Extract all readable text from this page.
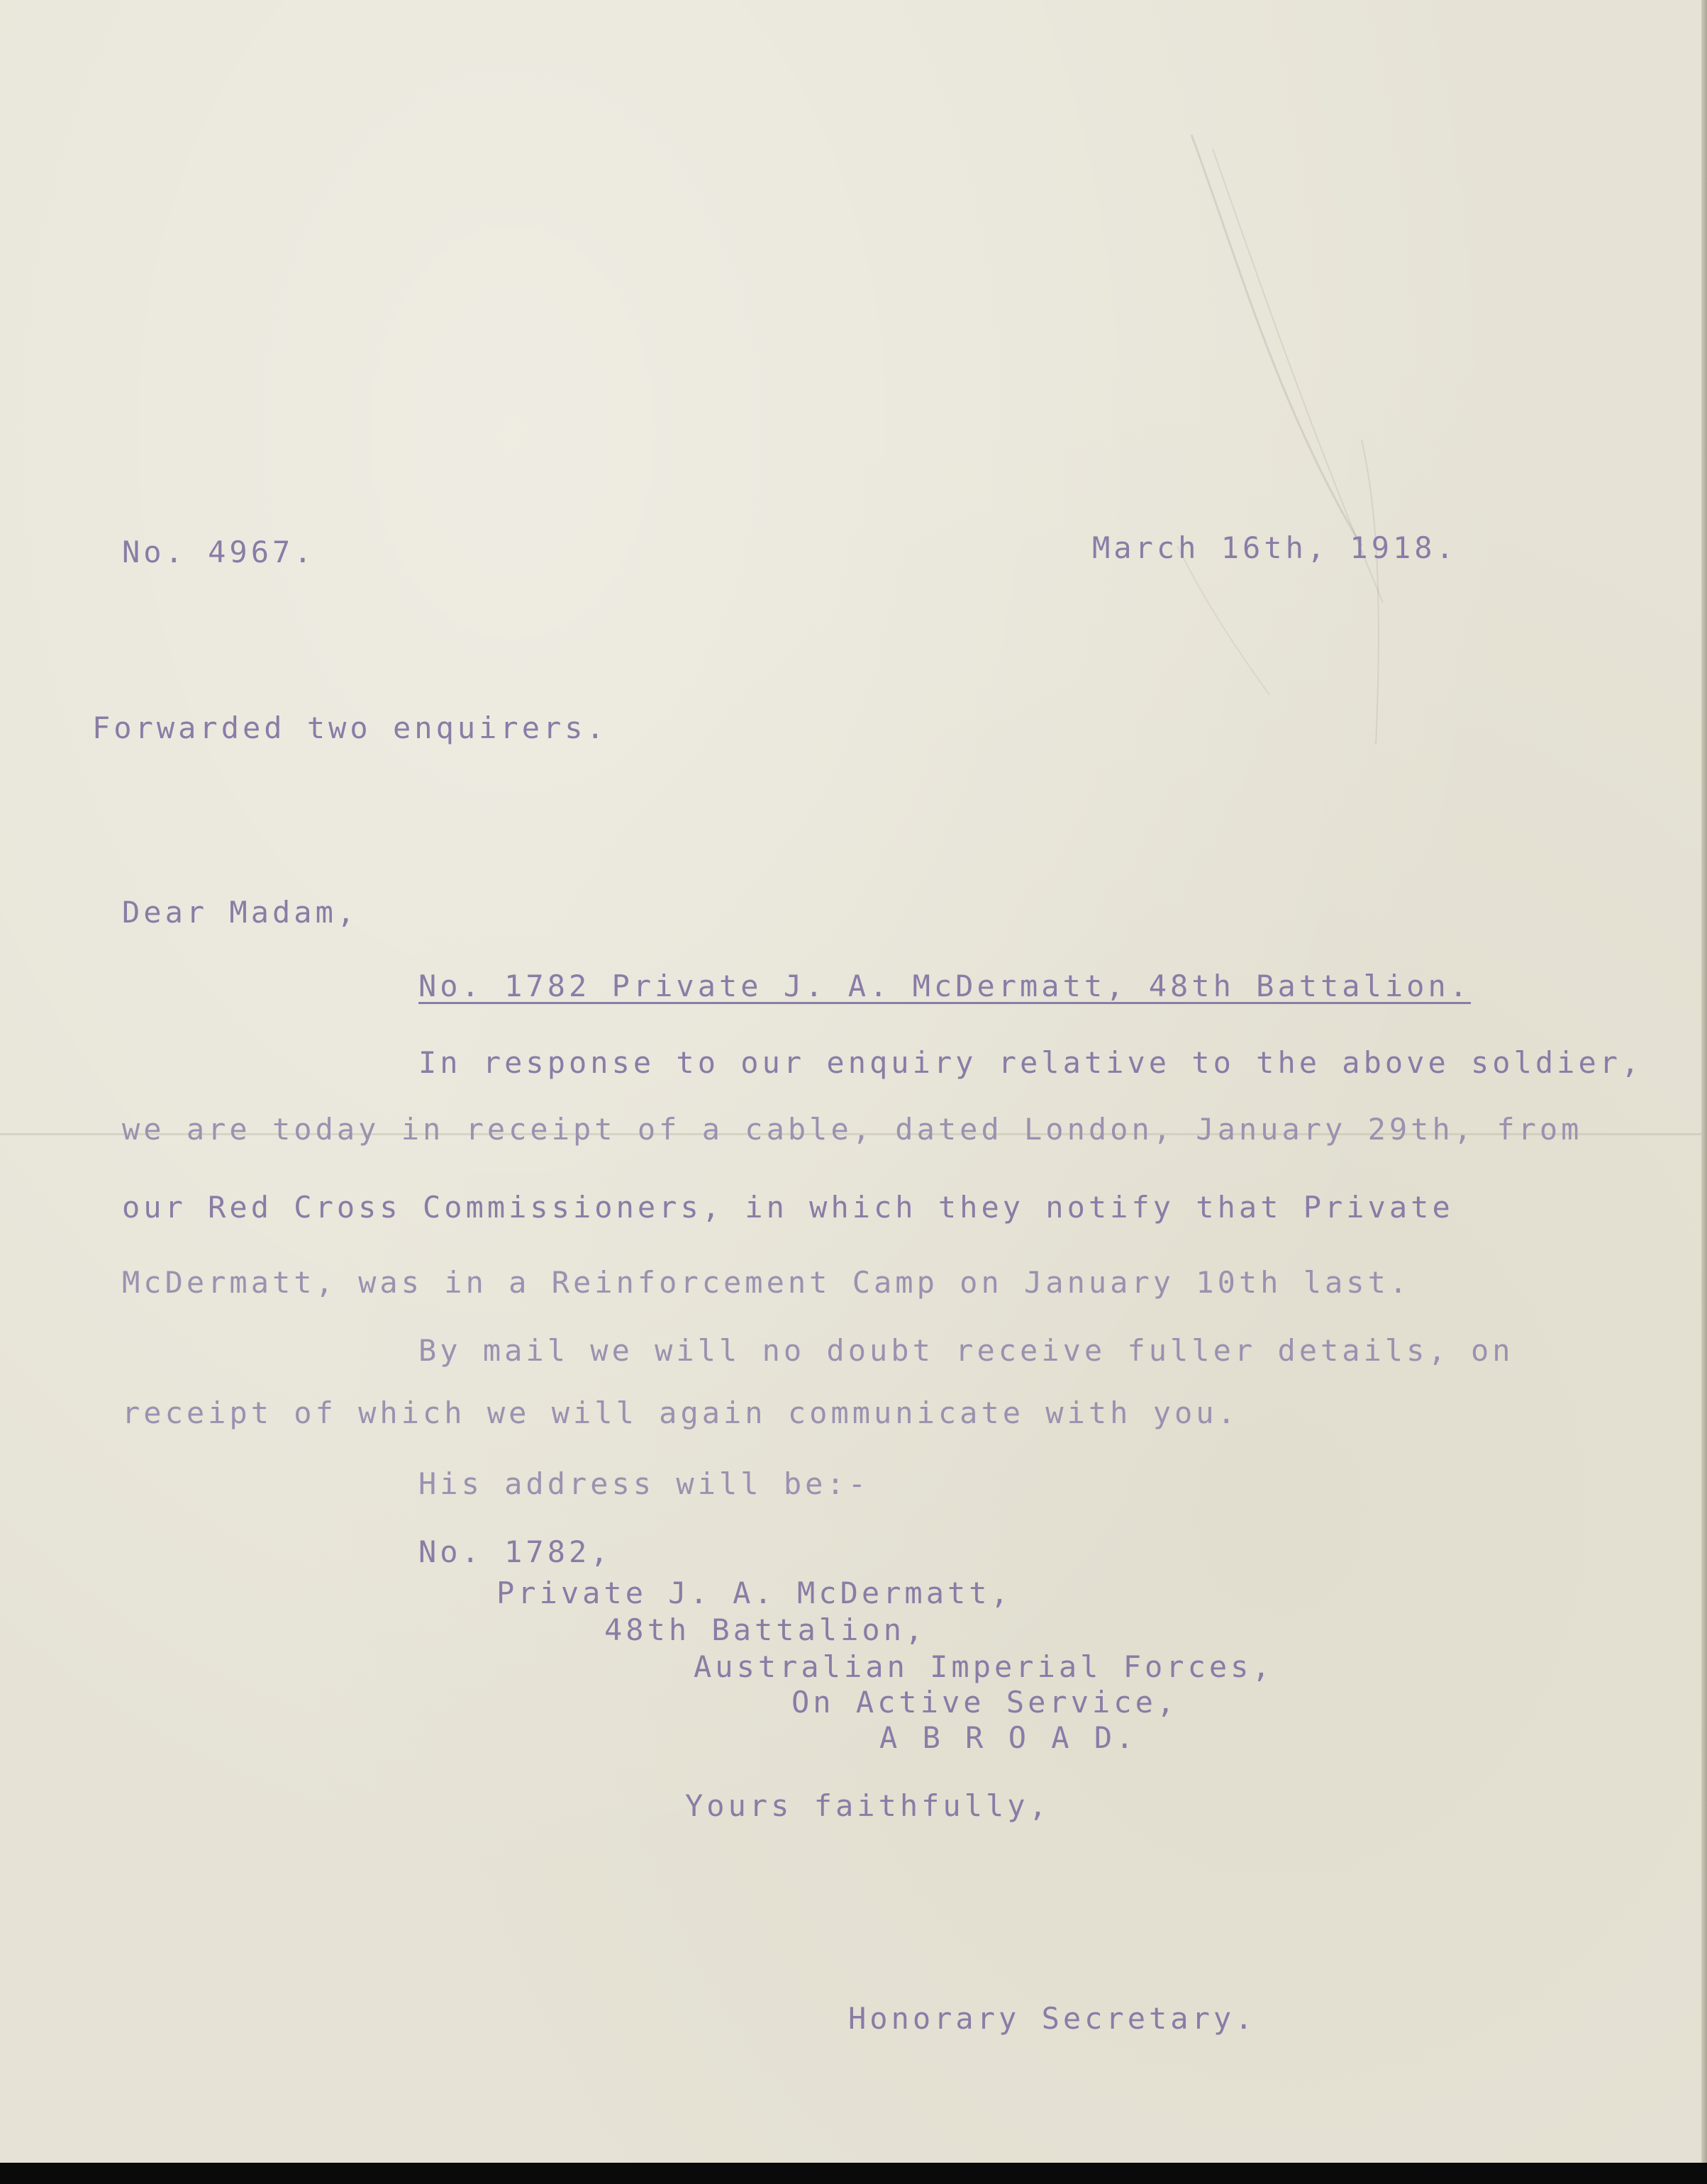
No. 4967.	March 16th, 1918.

Forwarded two enquirers.

Dear Madam,

No. 1782 Private J. A. McDermatt, 48th Battalion.

In response to our enquiry relative to the above soldier,

we are today in receipt of a cable, dated London, January 29th, from

our Red Cross Commissioners, in which they notify that Private

McDermatt, was in a Reinforcement Camp on January 10th last.

By mail we will no doubt receive fuller details, on

receipt of which we will again communicate with you.

His address will be:-

No. 1782,

Private J. A. McDermatt,

48th Battalion,

Australian Imperial Forces,

On Active Service,

A B R O A D.

Yours faithfully,

Honorary Secretary.
